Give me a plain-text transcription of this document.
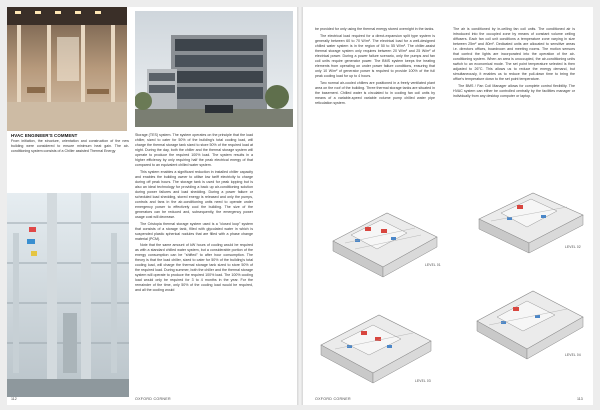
HVAC ENGINEER'S COMMENT

From initiation, the structure, orientation and construction of the new building were considered to ensure minimum heat gain. The air-conditioning system consists of a Chiller assisted Thermal Energy

Storage (TES) system. The system operates on the principle that the load chiller, sized to cater for 50% of the building's total cooling load, will charge the thermal storage tank sized to store 50% of the required load at night. During the day, both the chiller and the thermal storage system will operate to produce the required 100% load. The system results in a higher efficiency by only requiring half the peak electrical energy of that compared to an equivalent chilled water system.

This system enables a significant reduction in installed chiller capacity and enables the building owner to utilise low tariff electricity to charge during off peak hours. The storage tank is used for peak lopping but is also an ideal technology for providing a back up air-conditioning solution during power failures and load shedding. During a power failure or scheduled load shedding, stored energy is released and only the pumps, controls and fans in the air-conditioning units need to operate under emergency power to effectively cool the building. The size of the generators can be reduced and, subsequently, the emergency power usage cost will decrease.

The Cristopia thermal storage system used is a "closed loop" system that consists of a storage tank, filled with glycolated water in which is suspended plastic spherical nodules that are filled with a phase change material (PCM).

Note that the same amount of kW hours of cooling would be required as with a standard chilled water system, but a considerable portion of the energy consumption can be "shifted" to after hour consumption. The theory is that the load chiller, sized to cater for 50% of the building's total cooling load, will charge the thermal storage tank sized to store 50% of the required load. During summer, both the chiller and the thermal storage system will operate to produce the required 100% load. The 100% cooling load would only be required for 3 to 4 months in the year. For the remainder of the time, only 50% of the cooling load would be required, and all the cooling would

112	OXFORD CORNER

be provided for only using the thermal energy stored overnight in the tanks.

The electrical load required for a direct-expansion split type system is generally between 60 to 70 W/m². The electrical load for a well-designed chilled water system is in the region of 50 to 55 W/m². The chiller-assist thermal storage system only requires between 20 W/m² and 25 W/m² of electrical power. During a power failure scenario, only the pumps and fan coil units require generator power. The BMS system keeps the heating elements from operating on under power failure conditions, ensuring that only 10 W/m² of generator power is required to provide 100% of the full peak cooling load for up to 4 hours.

Two normal air-cooled chillers are positioned in a freely ventilated plant area on the roof of the building. Three thermal storage tanks are situated in the basement. Chilled water is circulated to in cooling fan coil units by means of a variable-speed variable volume pump chilled water pipe reticulation system.

The air is conditioned by in-ceiling fan coil units. The conditioned air is introduced into the occupied zone by means of constant volume ceiling diffusers. Each fan coil unit conditions a temperature zone varying in size between 25m² and 80m². Dedicated units are allocated to sensitive areas i.e. directors offices, boardroom and meeting rooms. The motion sensors that control the lights are incorporated into the operation of the air-conditioning system. When an area is unoccupied, the air-conditioning units switch to an economical mode. The set point temperature selected is then adjusted to 26°C. This allows us to reduce the energy demand, but simultaneously, it enables us to reduce the pull-down time to bring the office's temperature down to the set point temperature.

The BMS / Fan Coil Manager allows for complete control flexibility. The HVAC system can either be controlled centrally by the facilities manager or individually from any desktop computer or laptop.

LEVEL 01
LEVEL 02
LEVEL 03
LEVEL 04
OXFORD CORNER	113
